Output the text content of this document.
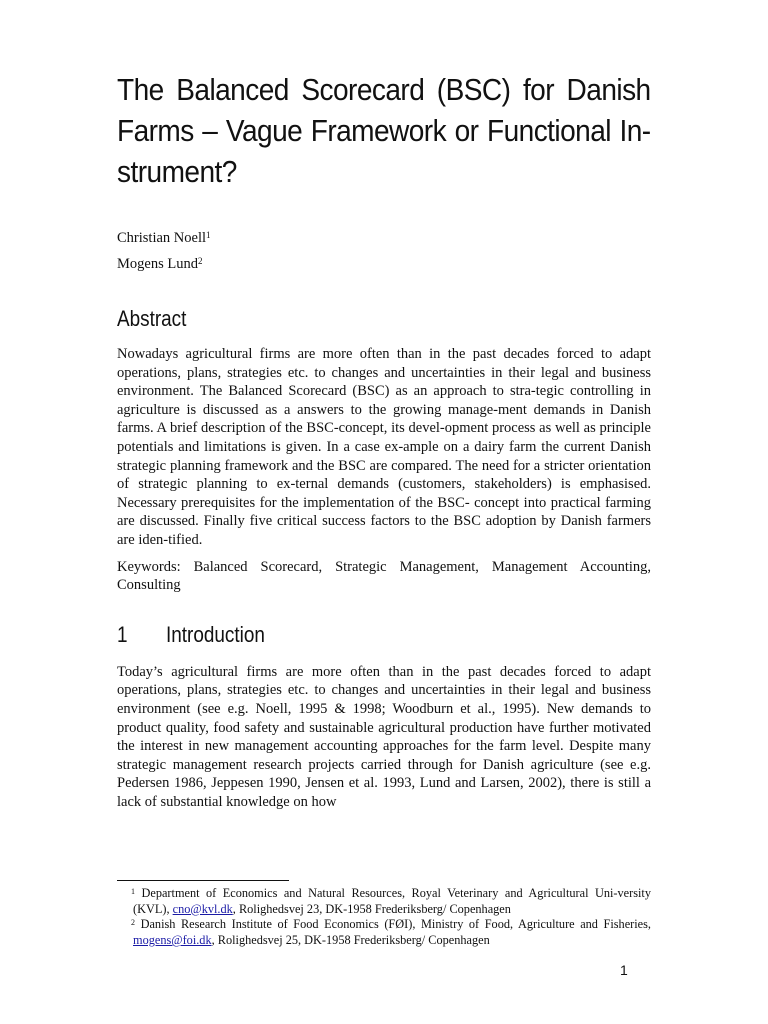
The Balanced Scorecard (BSC) for Danish Farms – Vague Framework or Functional In-strument?
Christian Noell$^1$
Mogens Lund$^2$
Abstract

Nowadays agricultural firms are more often than in the past decades forced to adapt operations, plans, strategies etc. to changes and uncertainties in their legal and business environment. The Balanced Scorecard (BSC) as an approach to stra-tegic controlling in agriculture is discussed as a answers to the growing manage-ment demands in Danish farms. A brief description of the BSC-concept, its devel-opment process as well as principle potentials and limitations is given. In a case ex-ample on a dairy farm the current Danish strategic planning framework and the BSC are compared. The need for a stricter orientation of strategic planning to ex-ternal demands (customers, stakeholders) is emphasised. Necessary prerequisites for the implementation of the BSC- concept into practical farming are discussed. Finally five critical success factors to the BSC adoption by Danish farmers are iden-tified.

Keywords: Balanced Scorecard, Strategic Management, Management Accounting, Consulting

1 Introduction

Today’s agricultural firms are more often than in the past decades forced to adapt operations, plans, strategies etc. to changes and uncertainties in their legal and business environment (see e.g. Noell, 1995 & 1998; Woodburn et al., 1995). New demands to product quality, food safety and sustainable agricultural production have further motivated the interest in new management accounting approaches for the farm level. Despite many strategic management research projects carried through for Danish agriculture (see e.g. Pedersen 1986, Jeppesen 1990, Jensen et al. 1993, Lund and Larsen, 2002), there is still a lack of substantial knowledge on how

$^1$ Department of Economics and Natural Resources, Royal Veterinary and Agricultural Uni-versity (KVL), cno@kvl.dk, Rolighedsvej 23, DK-1958 Frederiksberg/ Copenhagen

$^2$ Danish Research Institute of Food Economics (FØI), Ministry of Food, Agriculture and Fisheries, mogens@foi.dk, Rolighedsvej 25, DK-1958 Frederiksberg/ Copenhagen

1
